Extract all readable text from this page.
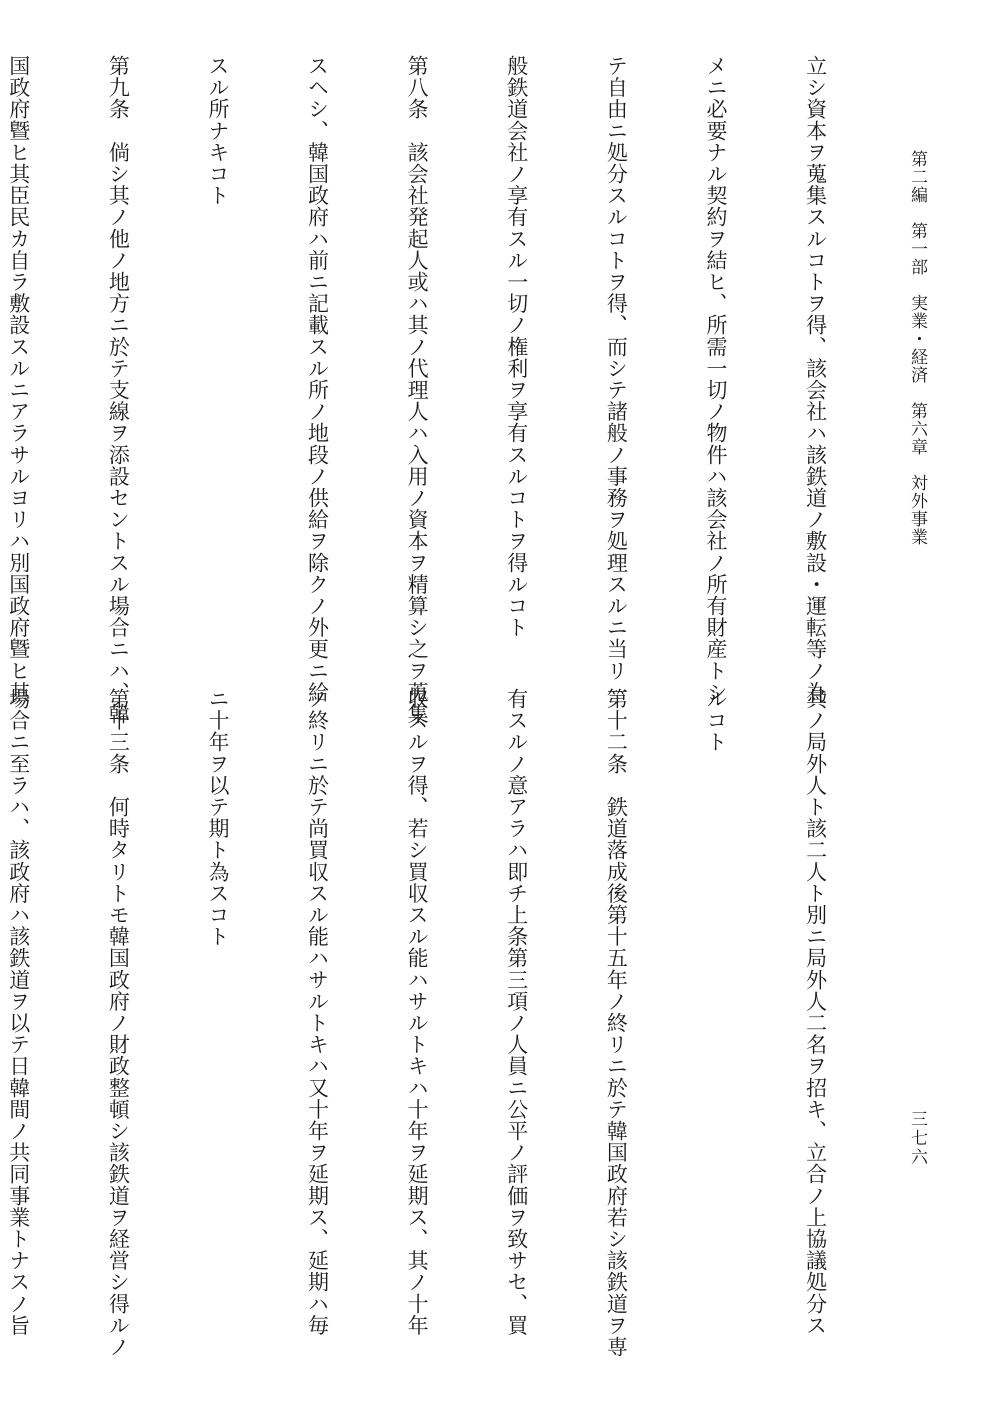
第二編　第一部　実業・経済　第六章　対外事業
三七六

立シ資本ヲ蒐集スルコトヲ得、該会社ハ該鉄道ノ敷設・運転等ノ為

メニ必要ナル契約ヲ結ヒ、所需一切ノ物件ハ該会社ノ所有財産トシ

テ自由ニ処分スルコトヲ得、而シテ諸般ノ事務ヲ処理スルニ当リ一

般鉄道会社ノ享有スル一切ノ権利ヲ享有スルコトヲ得ルコト

第八条　該会社発起人或ハ其ノ代理人ハ入用ノ資本ヲ精算シ之ヲ蒐集

スヘシ、韓国政府ハ前ニ記載スル所ノ地段ノ供給ヲ除クノ外更ニ給

スル所ナキコト

第九条　倘シ其ノ他ノ地方ニ於テ支線ヲ添設セントスル場合ニハ、韓

国政府曁ヒ其臣民カ自ラ敷設スルニアラサルヨリハ別国政府曁ヒ其

其ノ局外人ト該二人ト別ニ局外人二名ヲ招キ、立合ノ上協議処分ス

ルコト

第十二条　鉄道落成後第十五年ノ終リニ於テ韓国政府若シ該鉄道ヲ専

有スルノ意アラハ即チ上条第三項ノ人員ニ公平ノ評価ヲ致サセ、買

収スルヲ得、若シ買収スル能ハサルトキハ十年ヲ延期ス、其ノ十年

ノ終リニ於テ尚買収スル能ハサルトキハ又十年ヲ延期ス、延期ハ毎

ニ十年ヲ以テ期ト為スコト

第十三条　何時タリトモ韓国政府ノ財政整頓シ該鉄道ヲ経営シ得ルノ

場合ニ至ラハ、該政府ハ該鉄道ヲ以テ日韓間ノ共同事業トナスノ旨
